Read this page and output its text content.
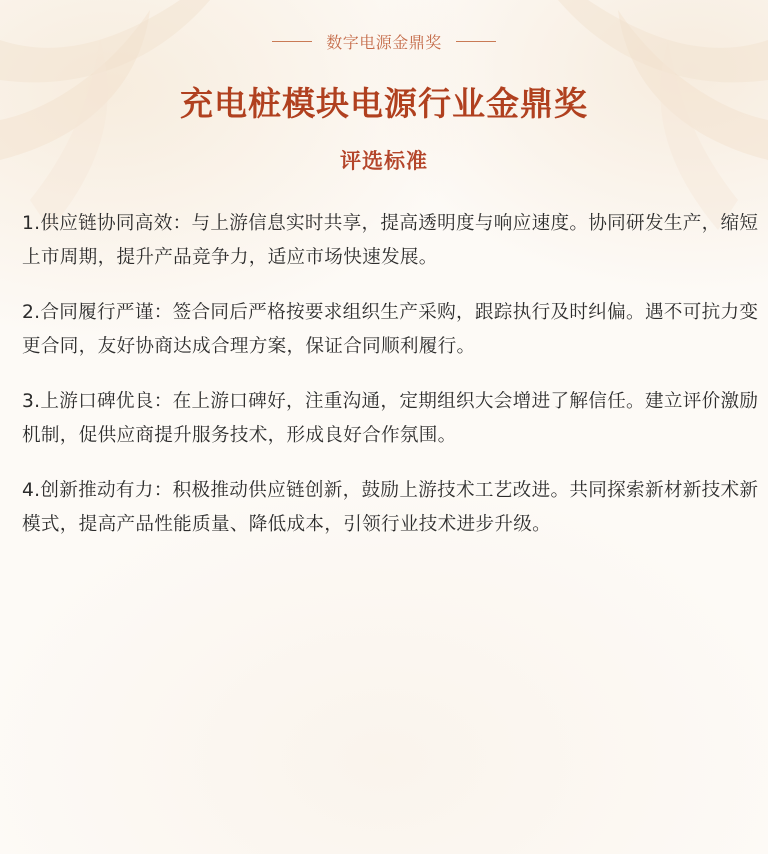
数字电源金鼎奖
充电桩模块电源行业金鼎奖
评选标准

1.供应链协同高效：与上游信息实时共享，提高透明度与响应速度。协同研发生产，缩短上市周期，提升产品竞争力，适应市场快速发展。

2.合同履行严谨：签合同后严格按要求组织生产采购，跟踪执行及时纠偏。遇不可抗力变更合同，友好协商达成合理方案，保证合同顺利履行。

3.上游口碑优良：在上游口碑好，注重沟通，定期组织大会增进了解信任。建立评价激励机制，促供应商提升服务技术，形成良好合作氛围。

4.创新推动有力：积极推动供应链创新，鼓励上游技术工艺改进。共同探索新材新技术新模式，提高产品性能质量、降低成本，引领行业技术进步升级。
